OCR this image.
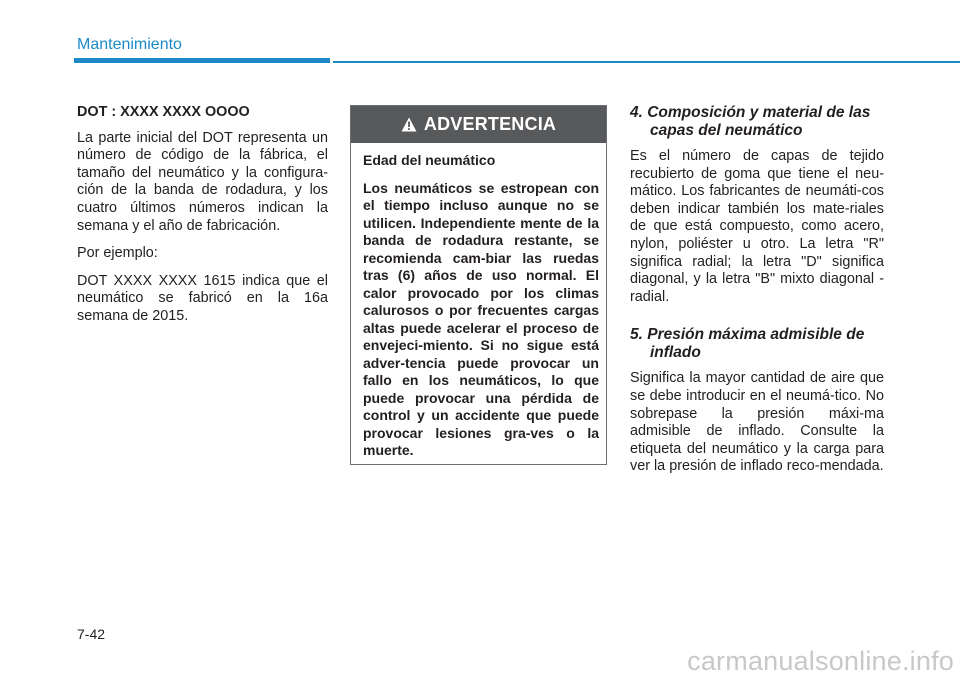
Mantenimiento

DOT : XXXX XXXX OOOO

La parte inicial del DOT representa un número de código de la fábrica, el tamaño del neumático y la configura-ción de la banda de rodadura, y los cuatro últimos números indican la semana y el año de fabricación.

Por ejemplo:

DOT XXXX XXXX 1615 indica que el neumático se fabricó en la 16a semana de 2015.

ADVERTENCIA

Edad del neumático

Los neumáticos se estropean con el tiempo incluso aunque no se utilicen. Independiente mente de la banda de rodadura restante, se recomienda cam-biar las ruedas tras (6) años de uso normal. El calor provocado por los climas calurosos o por frecuentes cargas altas puede acelerar el proceso de envejeci-miento. Si no sigue está adver-tencia puede provocar un fallo en los neumáticos, lo que puede provocar una pérdida de control y un accidente que puede provocar lesiones gra-ves o la muerte.

4. Composición y material de las capas del neumático

Es el número de capas de tejido recubierto de goma que tiene el neu-mático. Los fabricantes de neumáti-cos deben indicar también los mate-riales de que está compuesto, como acero, nylon, poliéster u otro. La letra "R" significa radial; la letra "D" significa diagonal, y la letra "B" mixto diagonal - radial.

5. Presión máxima admisible de inflado

Significa la mayor cantidad de aire que se debe introducir en el neumá-tico. No sobrepase la presión máxi-ma admisible de inflado. Consulte la etiqueta del neumático y la carga para ver la presión de inflado reco-mendada.

7-42
carmanualsonline.info
